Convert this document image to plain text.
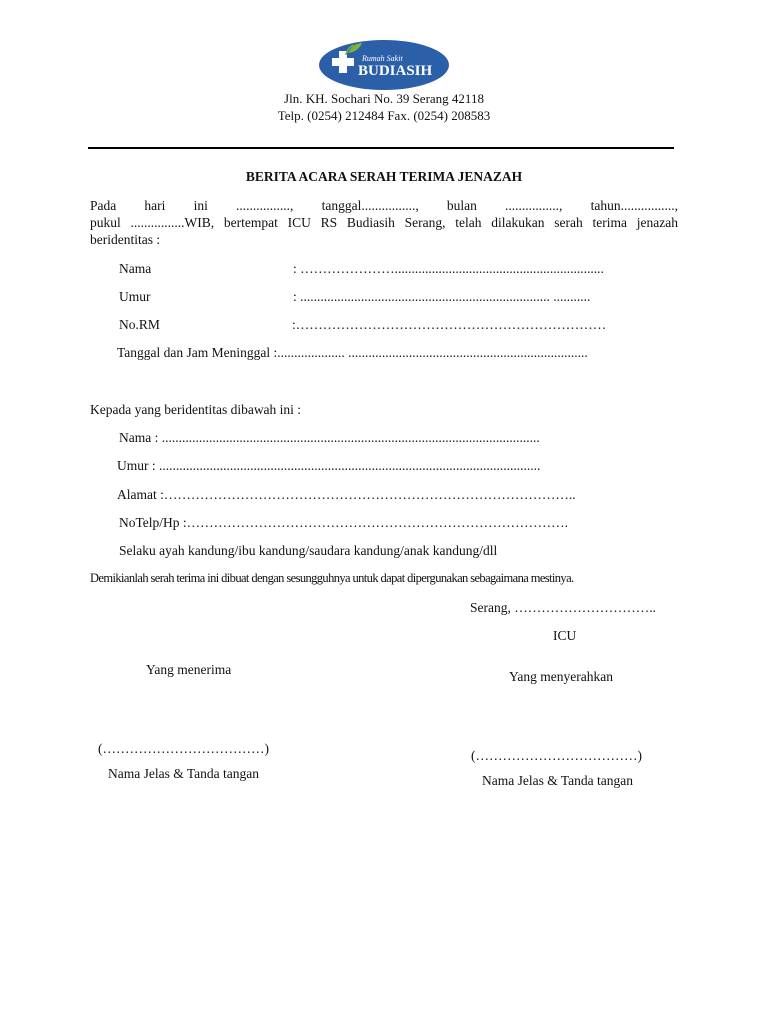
Rumah Sakit
BUDIASIH
Jln. KH. Sochari No. 39 Serang 42118
Telp. (0254) 212484 Fax. (0254) 208583
BERITA ACARA SERAH TERIMA JENAZAH
Pada hari ini ................, tanggal................, bulan ................, tahun................,
pukul ................WIB, bertempat ICU RS Budiasih Serang, telah dilakukan serah terima jenazah
beridentitas :
Nama	: …………………..............................................................
Umur	: .......................................................................... ...........
No.RM	:……………………………………………………………
Tanggal dan Jam Meninggal :.................... .......................................................................
Kepada yang beridentitas dibawah ini :
Nama : ................................................................................................................
Umur : .................................................................................................................
Alamat :………………………………………………………………………………..
NoTelp/Hp :………………………………………………………………………….
Selaku ayah kandung/ibu kandung/saudara kandung/anak kandung/dll
Demikianlah serah terima ini dibuat dengan sesungguhnya untuk dapat dipergunakan sebagaimana mestinya.
Serang, …………………………..
ICU
Yang menerima	Yang menyerahkan
(………………………………)	(………………………………)
Nama Jelas & Tanda tangan	Nama Jelas & Tanda tangan
